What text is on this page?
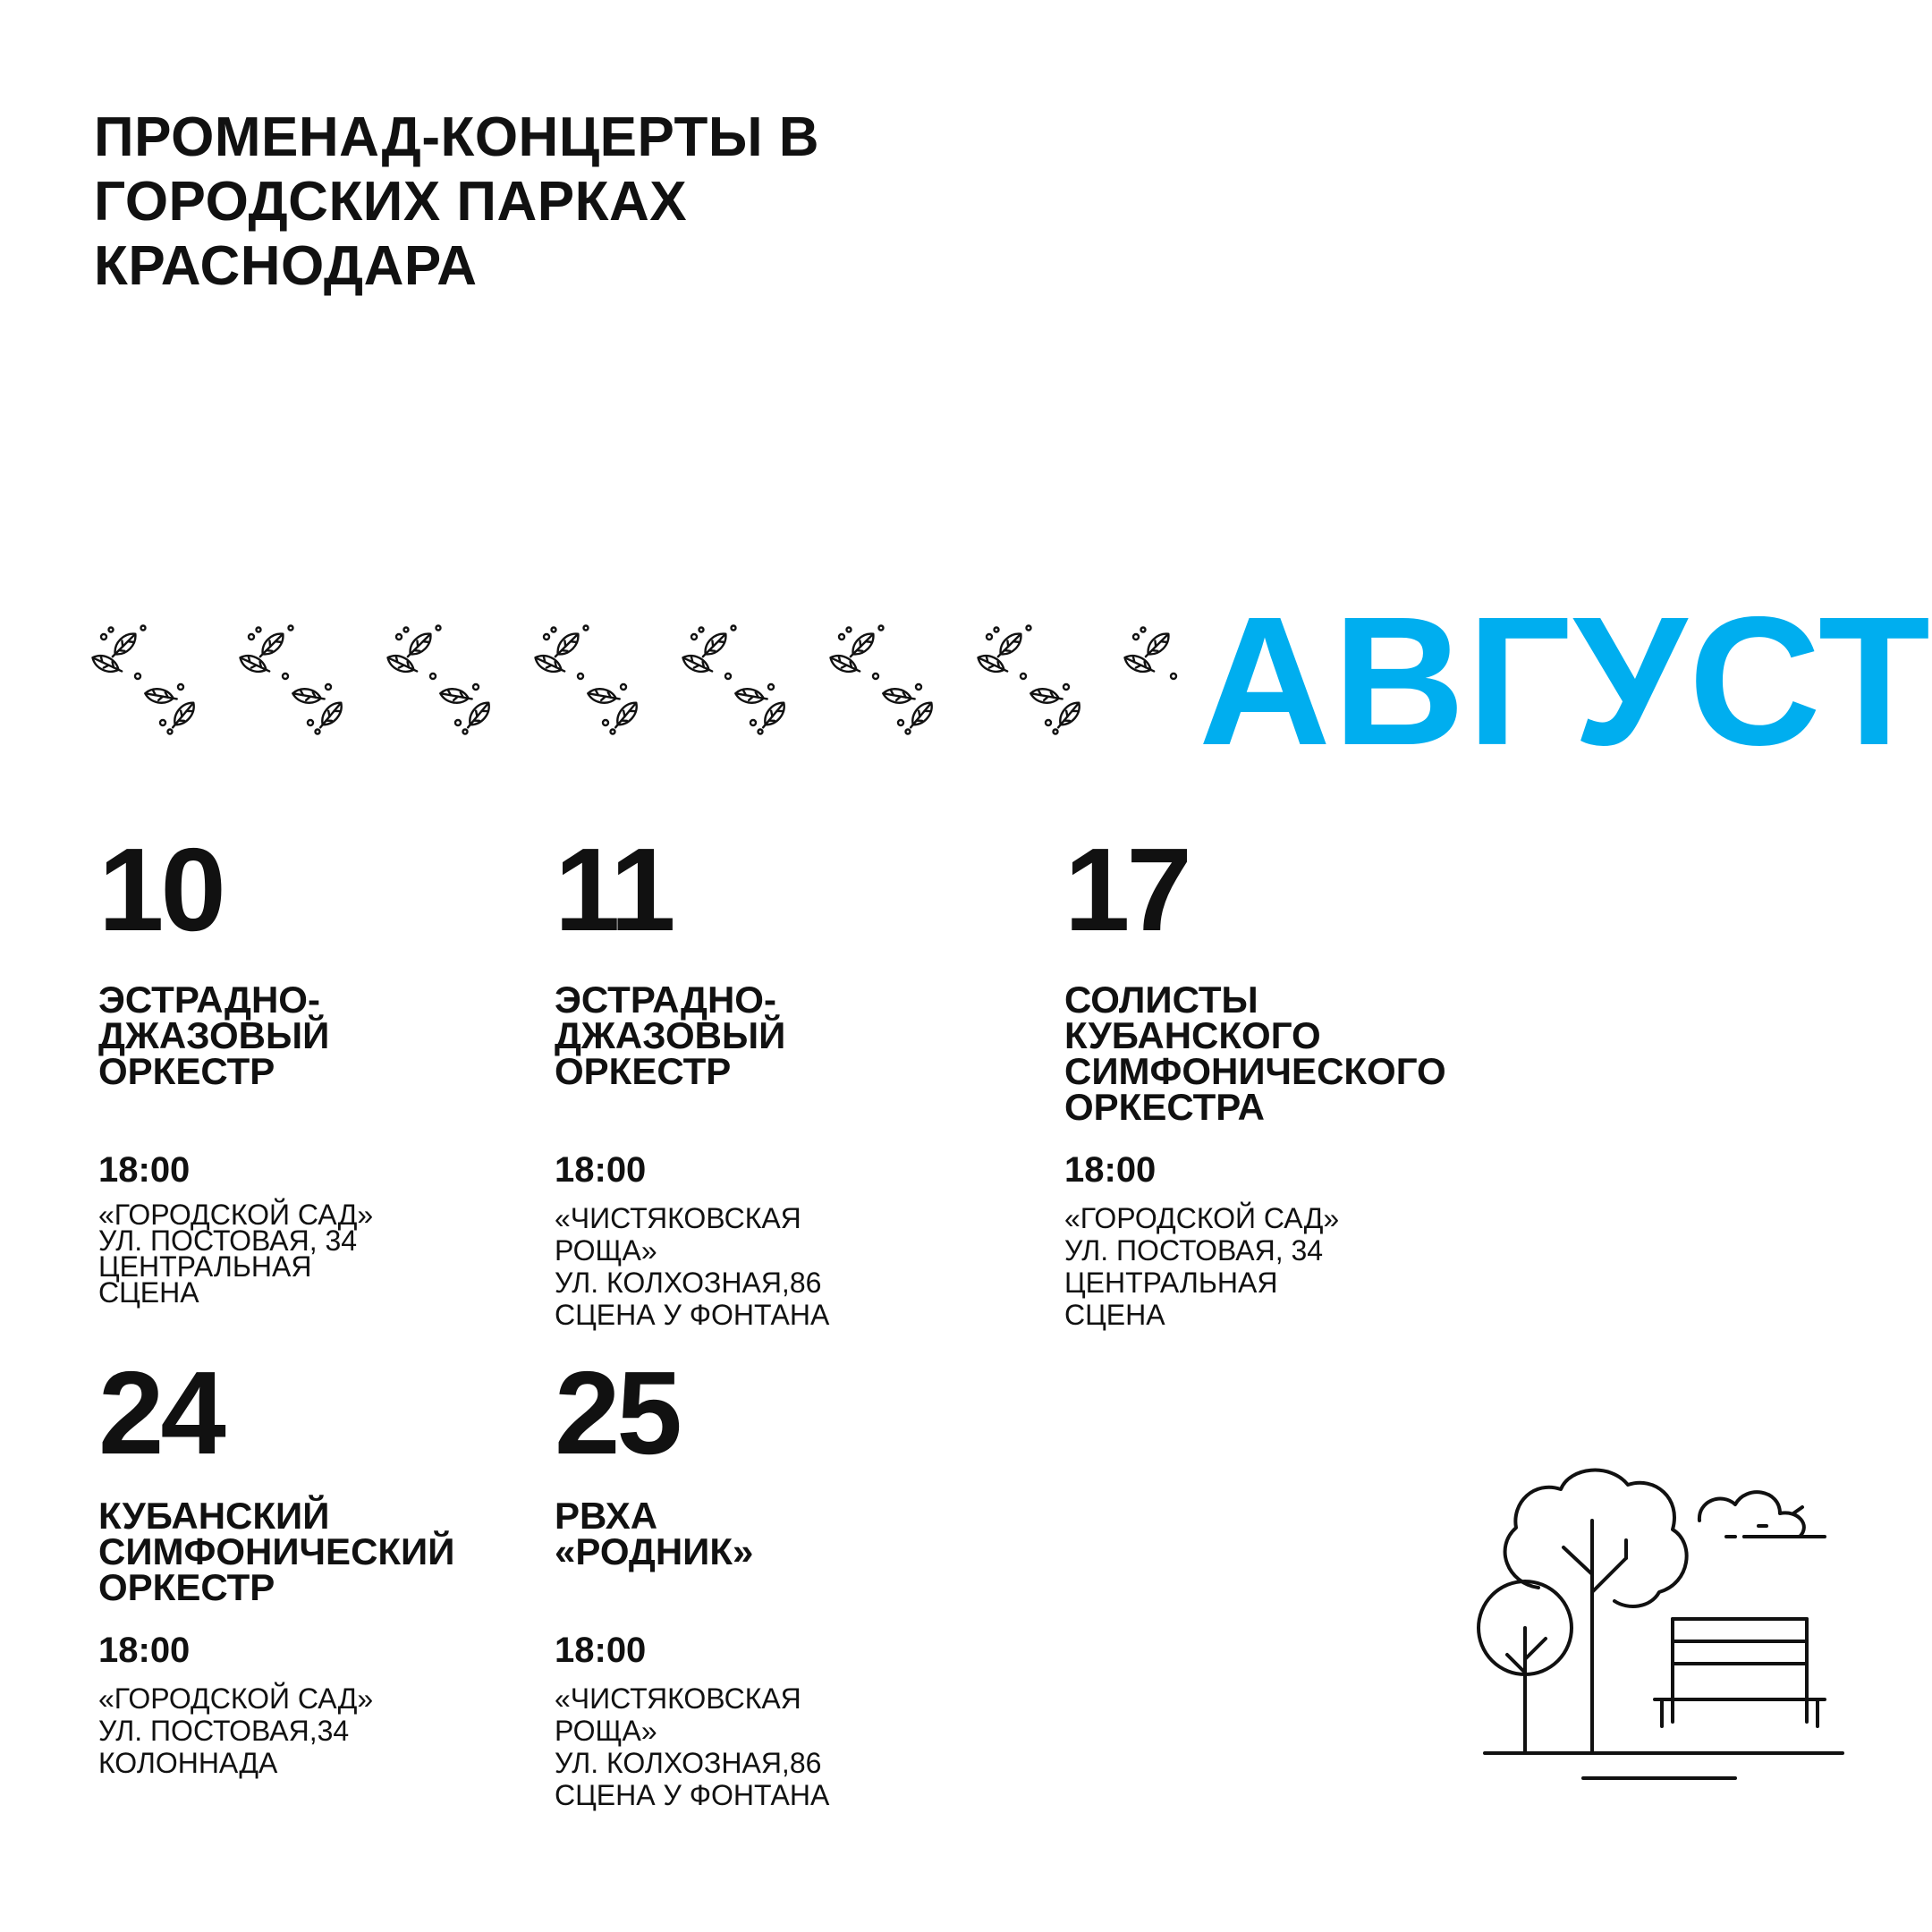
ПРОМЕНАД-КОНЦЕРТЫ В
ГОРОДСКИХ ПАРКАХ
КРАСНОДАРА
АВГУСТ
10
ЭСТРАДНО-
ДЖАЗОВЫЙ
ОРКЕСТР
18:00
«ГОРОДСКОЙ САД»
УЛ. ПОСТОВАЯ, 34
ЦЕНТРАЛЬНАЯ
СЦЕНА
11
ЭСТРАДНО-
ДЖАЗОВЫЙ
ОРКЕСТР
18:00
«ЧИСТЯКОВСКАЯ
РОЩА»
УЛ. КОЛХОЗНАЯ,86
СЦЕНА У ФОНТАНА
17
СОЛИСТЫ
КУБАНСКОГО
СИМФОНИЧЕСКОГО
ОРКЕСТРА
18:00
«ГОРОДСКОЙ САД»
УЛ. ПОСТОВАЯ, 34
ЦЕНТРАЛЬНАЯ
СЦЕНА
24
КУБАНСКИЙ
СИМФОНИЧЕСКИЙ
ОРКЕСТР
18:00
«ГОРОДСКОЙ САД»
УЛ. ПОСТОВАЯ,34
КОЛОННАДА
25
РВХА
«РОДНИК»
18:00
«ЧИСТЯКОВСКАЯ
РОЩА»
УЛ. КОЛХОЗНАЯ,86
СЦЕНА У ФОНТАНА
